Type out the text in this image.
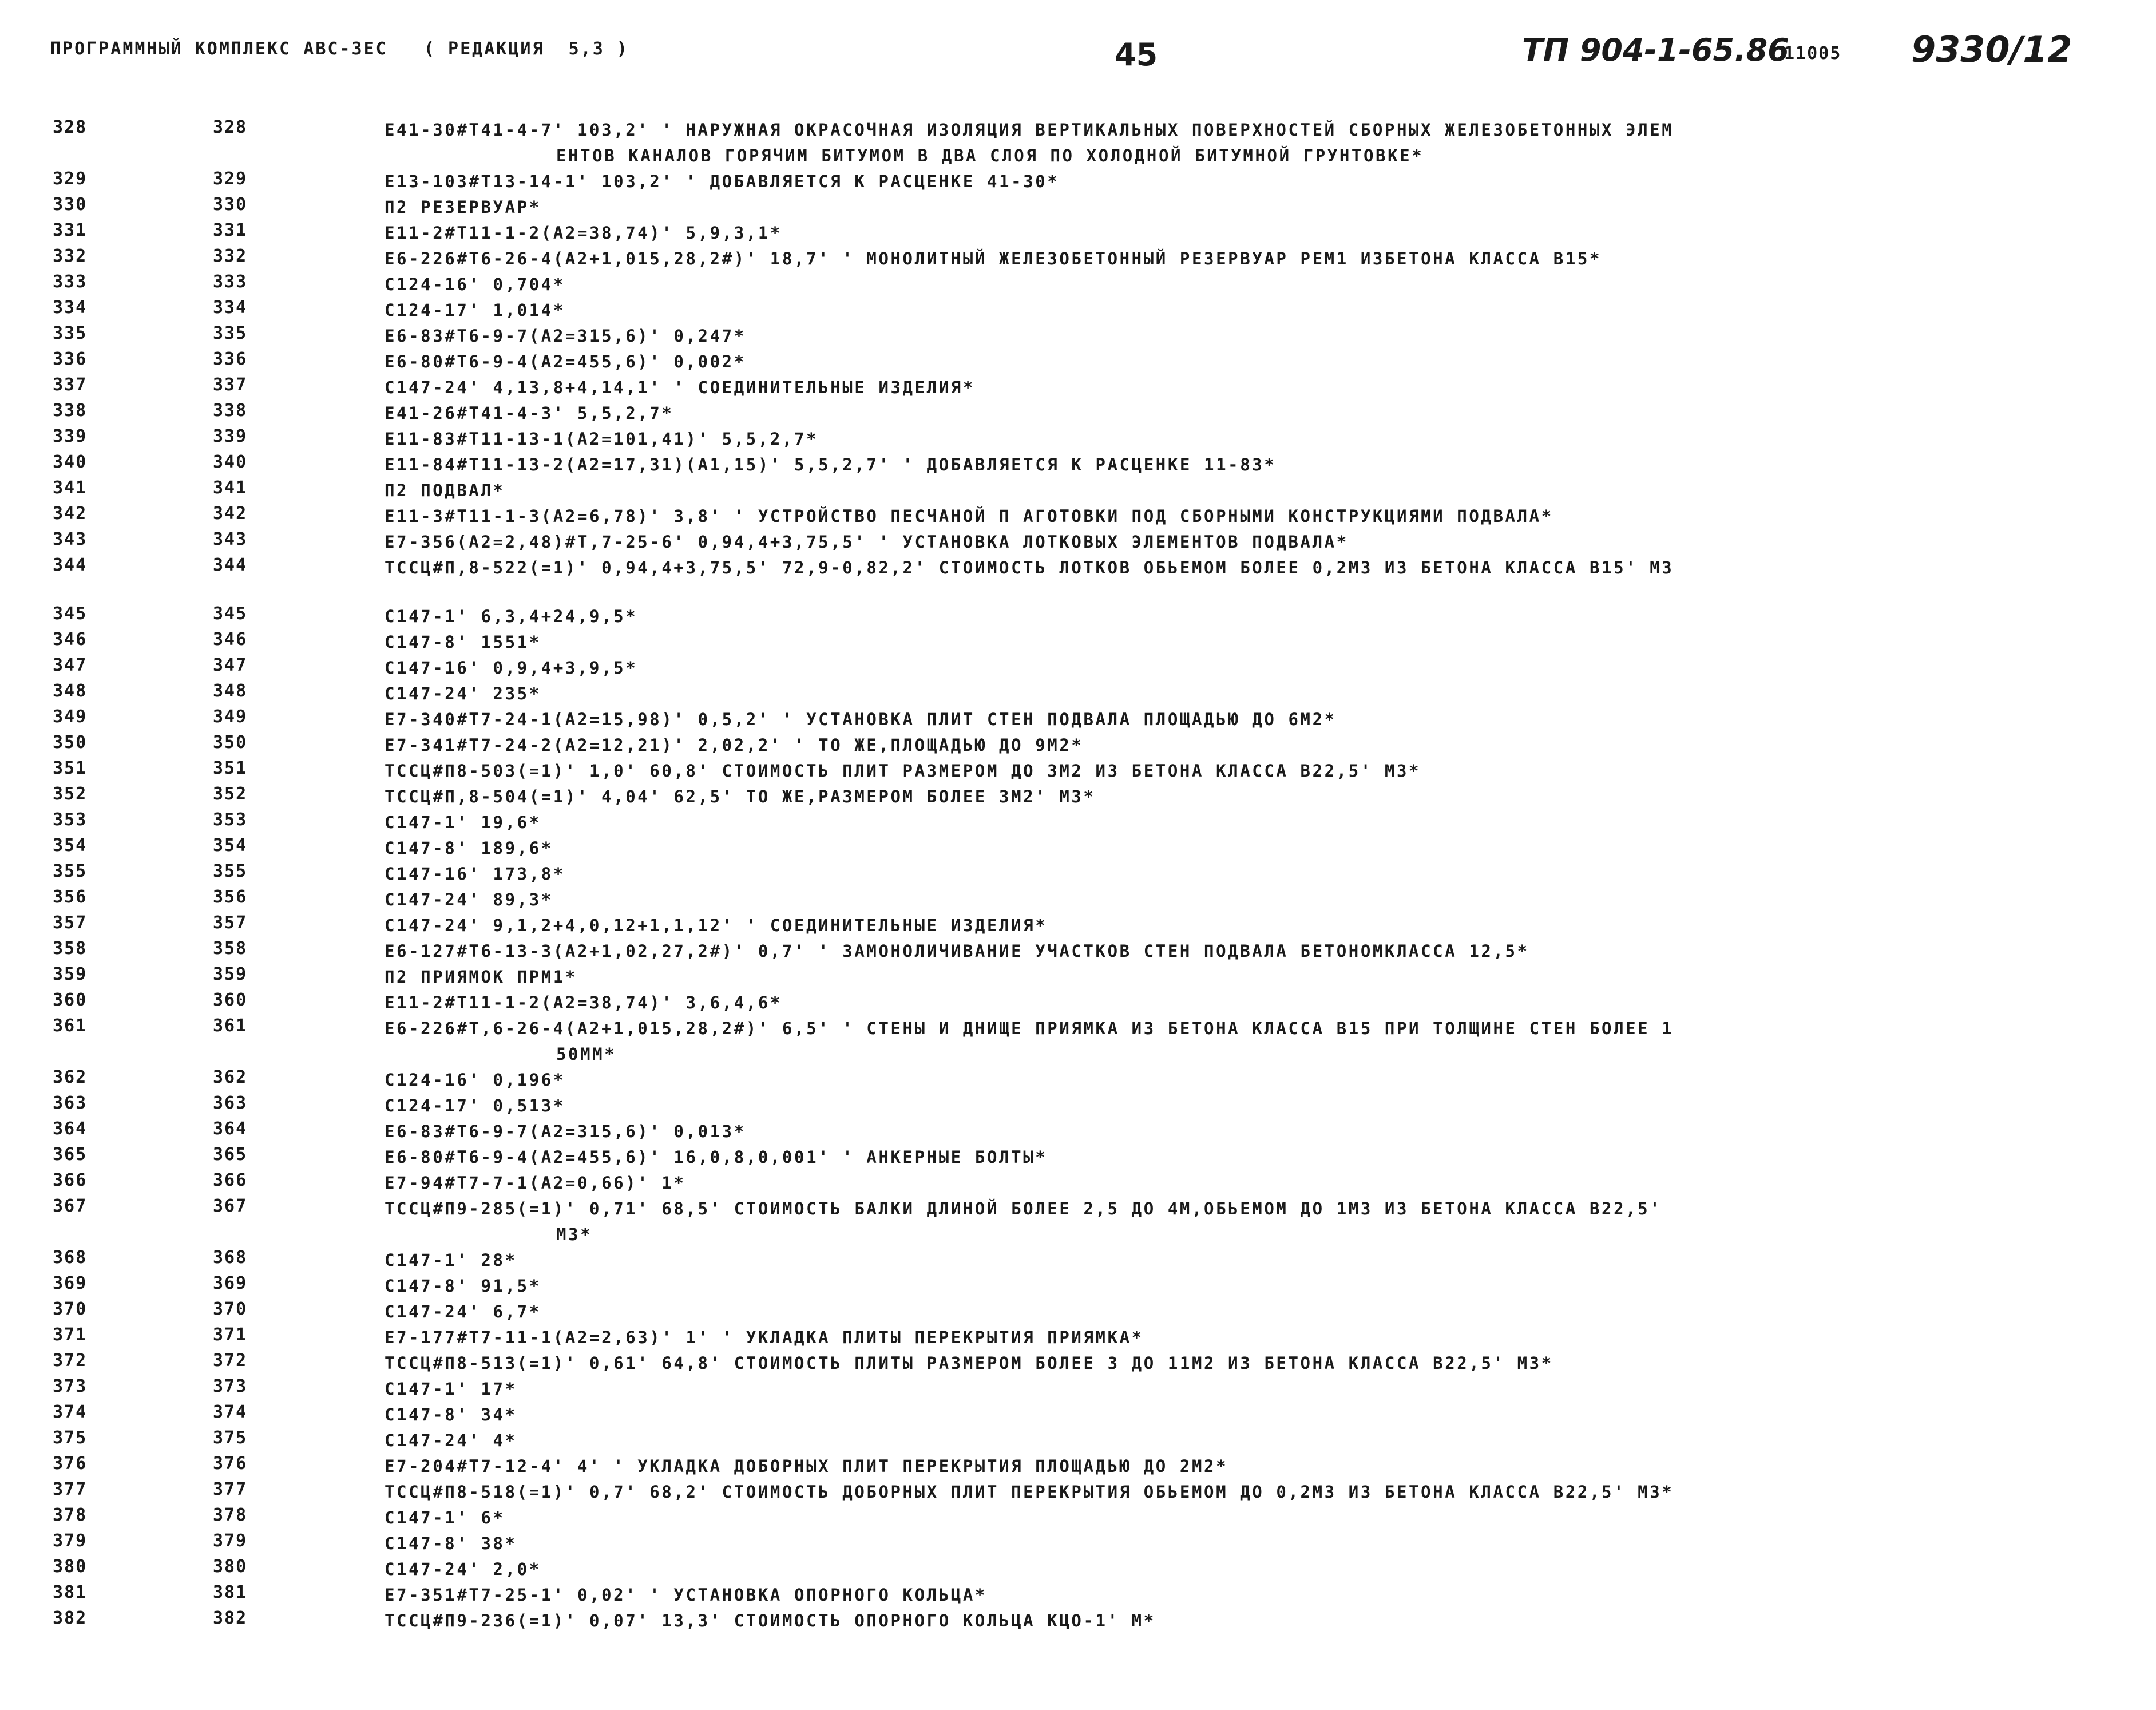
ПРОГРАММНЫЙ КОМПЛЕКС АВС-ЗЕС   ( РЕДАКЦИЯ  5,3 )	45	ТП 904-1-65.86
11005 9330/12
328	328	Е41-30#Т41-4-7' 103,2' ' НАРУЖНАЯ ОКРАСОЧНАЯ ИЗОЛЯЦИЯ ВЕРТИКАЛЬНЫХ ПОВЕРХНОСТЕЙ СБОРНЫХ ЖЕЛЕЗОБЕТОННЫХ ЭЛЕМ
ЕНТОВ КАНАЛОВ ГОРЯЧИМ БИТУМОМ В ДВА СЛОЯ ПО ХОЛОДНОЙ БИТУМНОЙ ГРУНТОВКЕ*
329	329	Е13-103#Т13-14-1' 103,2' ' ДОБАВЛЯЕТСЯ К РАСЦЕНКЕ 41-30*
330	330	П2 РЕЗЕРВУАР*
331	331	Е11-2#Т11-1-2(А2=38,74)' 5,9,3,1*
332	332	Е6-226#Т6-26-4(А2+1,015,28,2#)' 18,7' ' МОНОЛИТНЫЙ ЖЕЛЕЗОБЕТОННЫЙ РЕЗЕРВУАР РЕМ1 ИЗБЕТОНА КЛАССА В15*
333	333	С124-16' 0,704*
334	334	С124-17' 1,014*
335	335	Е6-83#Т6-9-7(А2=315,6)' 0,247*
336	336	Е6-80#Т6-9-4(А2=455,6)' 0,002*
337	337	С147-24' 4,13,8+4,14,1' ' СОЕДИНИТЕЛЬНЫЕ ИЗДЕЛИЯ*
338	338	Е41-26#Т41-4-3' 5,5,2,7*
339	339	Е11-83#Т11-13-1(А2=101,41)' 5,5,2,7*
340	340	Е11-84#Т11-13-2(А2=17,31)(А1,15)' 5,5,2,7' ' ДОБАВЛЯЕТСЯ К РАСЦЕНКЕ 11-83*
341	341	П2 ПОДВАЛ*
342	342	Е11-3#Т11-1-3(А2=6,78)' 3,8' ' УСТРОЙСТВО ПЕСЧАНОЙ П АГОТОВКИ ПОД СБОРНЫМИ КОНСТРУКЦИЯМИ ПОДВАЛА*
343	343	Е7-356(А2=2,48)#Т,7-25-6' 0,94,4+3,75,5' ' УСТАНОВКА ЛОТКОВЫХ ЭЛЕМЕНТОВ ПОДВАЛА*
344	344	ТССЦ#П,8-522(=1)' 0,94,4+3,75,5' 72,9-0,82,2' СТОИМОСТЬ ЛОТКОВ ОБЬЕМОМ БОЛЕЕ 0,2М3 ИЗ БЕТОНА КЛАССА В15' М3
345	345	С147-1' 6,3,4+24,9,5*
346	346	С147-8' 1551*
347	347	С147-16' 0,9,4+3,9,5*
348	348	С147-24' 235*
349	349	Е7-340#Т7-24-1(А2=15,98)' 0,5,2' ' УСТАНОВКА ПЛИТ СТЕН ПОДВАЛА ПЛОЩАДЬЮ ДО 6М2*
350	350	Е7-341#Т7-24-2(А2=12,21)' 2,02,2' ' ТО ЖЕ,ПЛОЩАДЬЮ ДО 9М2*
351	351	ТССЦ#П8-503(=1)' 1,0' 60,8' СТОИМОСТЬ ПЛИТ РАЗМЕРОМ ДО 3М2 ИЗ БЕТОНА КЛАССА В22,5' М3*
352	352	ТССЦ#П,8-504(=1)' 4,04' 62,5' ТО ЖЕ,РАЗМЕРОМ БОЛЕЕ 3М2' М3*
353	353	С147-1' 19,6*
354	354	С147-8' 189,6*
355	355	С147-16' 173,8*
356	356	С147-24' 89,3*
357	357	С147-24' 9,1,2+4,0,12+1,1,12' ' СОЕДИНИТЕЛЬНЫЕ ИЗДЕЛИЯ*
358	358	Е6-127#Т6-13-3(А2+1,02,27,2#)' 0,7' ' ЗАМОНОЛИЧИВАНИЕ УЧАСТКОВ СТЕН ПОДВАЛА БЕТОНОМКЛАССА 12,5*
359	359	П2 ПРИЯМОК ПРМ1*
360	360	Е11-2#Т11-1-2(А2=38,74)' 3,6,4,6*
361	361	Е6-226#Т,6-26-4(А2+1,015,28,2#)' 6,5' ' СТЕНЫ И ДНИЩЕ ПРИЯМКА ИЗ БЕТОНА КЛАССА В15 ПРИ ТОЛЩИНЕ СТЕН БОЛЕЕ 1
50ММ*
362	362	С124-16' 0,196*
363	363	С124-17' 0,513*
364	364	Е6-83#Т6-9-7(А2=315,6)' 0,013*
365	365	Е6-80#Т6-9-4(А2=455,6)' 16,0,8,0,001' ' АНКЕРНЫЕ БОЛТЫ*
366	366	Е7-94#Т7-7-1(А2=0,66)' 1*
367	367	ТССЦ#П9-285(=1)' 0,71' 68,5' СТОИМОСТЬ БАЛКИ ДЛИНОЙ БОЛЕЕ 2,5 ДО 4М,ОБЬЕМОМ ДО 1М3 ИЗ БЕТОНА КЛАССА В22,5'
М3*
368	368	С147-1' 28*
369	369	С147-8' 91,5*
370	370	С147-24' 6,7*
371	371	Е7-177#Т7-11-1(А2=2,63)' 1' ' УКЛАДКА ПЛИТЫ ПЕРЕКРЫТИЯ ПРИЯМКА*
372	372	ТССЦ#П8-513(=1)' 0,61' 64,8' СТОИМОСТЬ ПЛИТЫ РАЗМЕРОМ БОЛЕЕ 3 ДО 11М2 ИЗ БЕТОНА КЛАССА В22,5' М3*
373	373	С147-1' 17*
374	374	С147-8' 34*
375	375	С147-24' 4*
376	376	Е7-204#Т7-12-4' 4' ' УКЛАДКА ДОБОРНЫХ ПЛИТ ПЕРЕКРЫТИЯ ПЛОЩАДЬЮ ДО 2М2*
377	377	ТССЦ#П8-518(=1)' 0,7' 68,2' СТОИМОСТЬ ДОБОРНЫХ ПЛИТ ПЕРЕКРЫТИЯ ОБЬЕМОМ ДО 0,2М3 ИЗ БЕТОНА КЛАССА В22,5' М3*
378	378	С147-1' 6*
379	379	С147-8' 38*
380	380	С147-24' 2,0*
381	381	Е7-351#Т7-25-1' 0,02' ' УСТАНОВКА ОПОРНОГО КОЛЬЦА*
382	382	ТССЦ#П9-236(=1)' 0,07' 13,3' СТОИМОСТЬ ОПОРНОГО КОЛЬЦА КЦО-1' М*
